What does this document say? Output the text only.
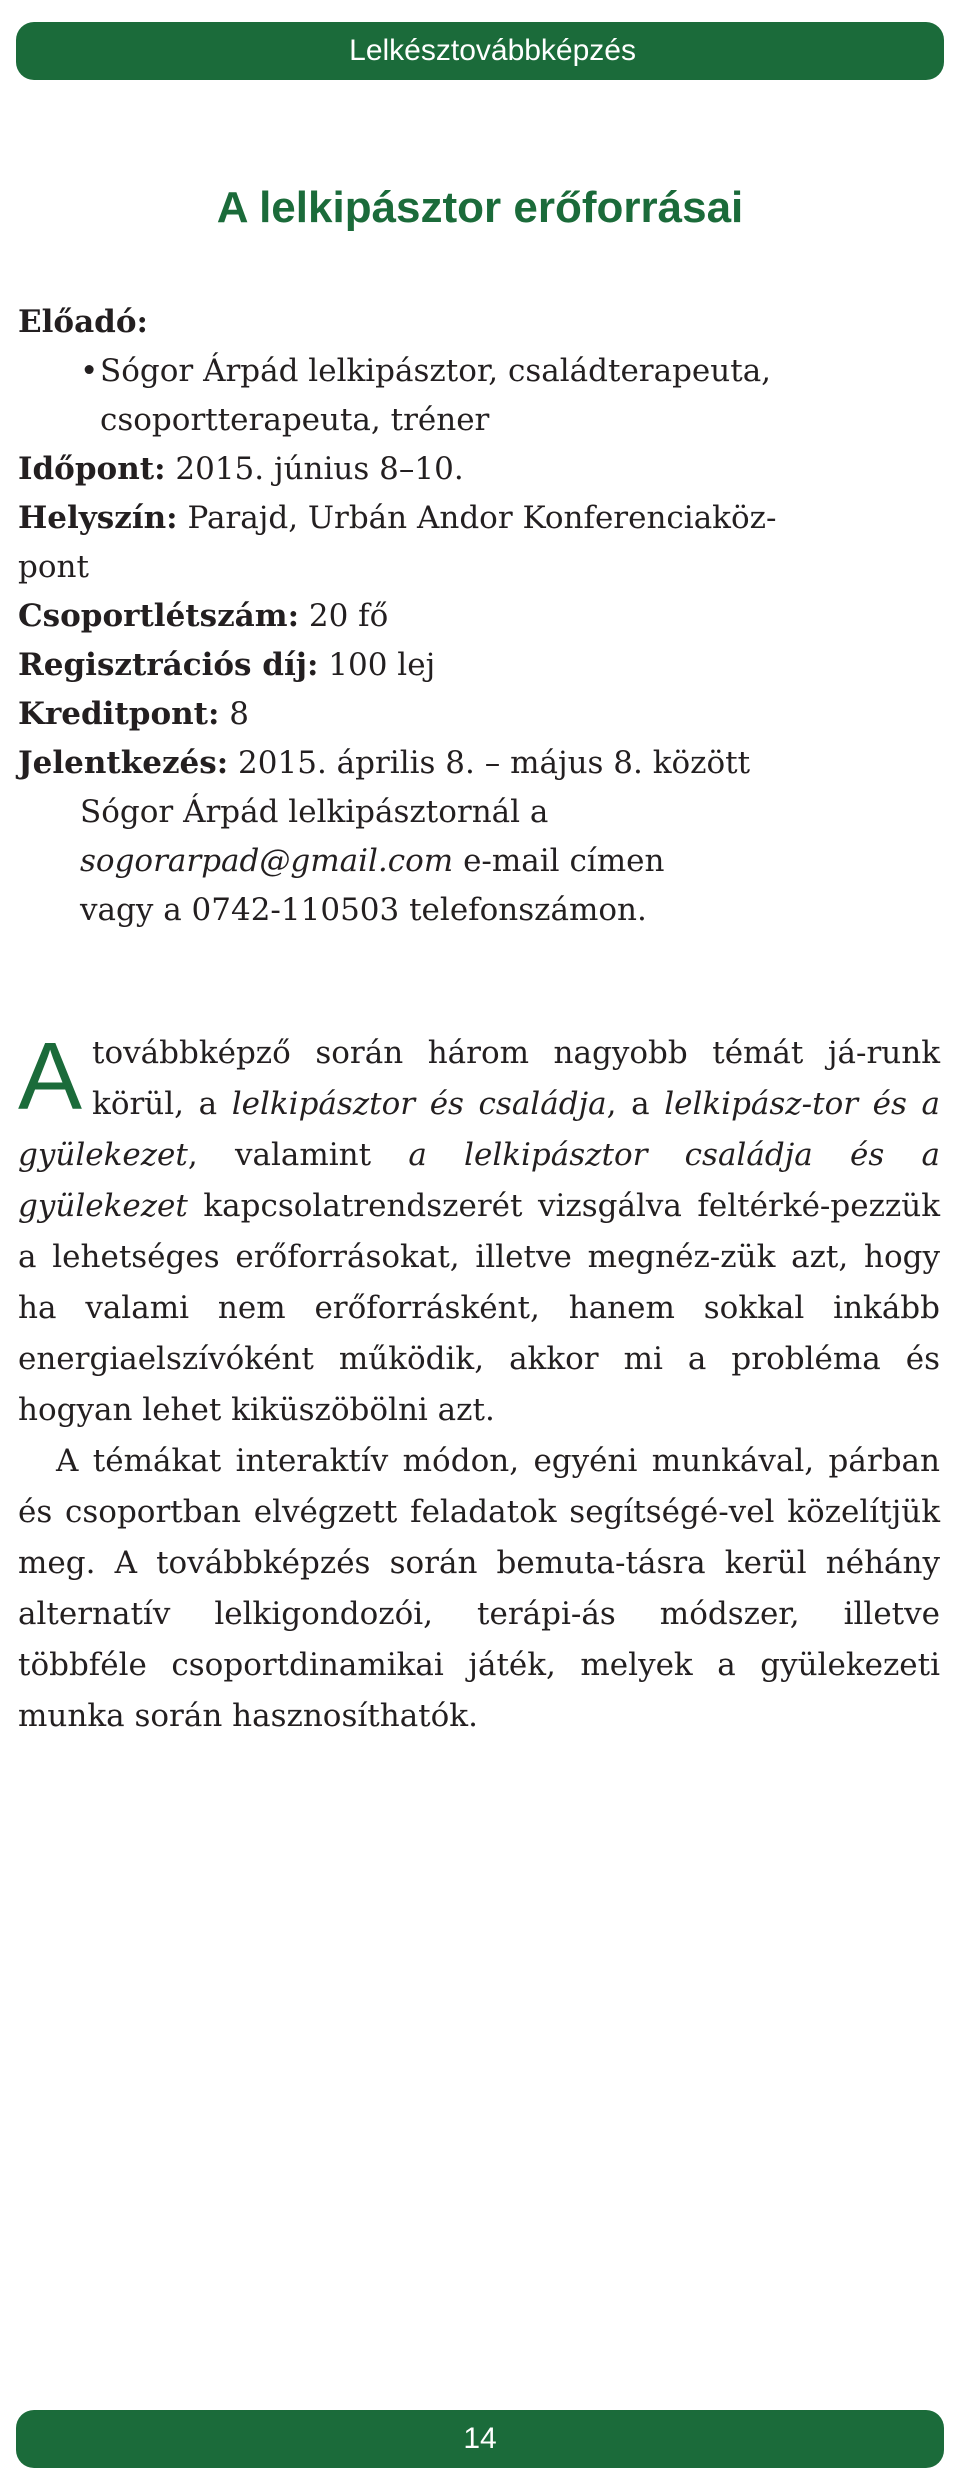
Lelkésztovábbképzés
A lelkipásztor erőforrásai
Előadó:
• Sógor Árpád lelkipásztor, családterapeuta,
csoportterapeuta, tréner
Időpont: 2015. június 8–10.
Helyszín: Parajd, Urbán Andor Konferenciaköz-
pont
Csoportlétszám: 20 fő
Regisztrációs díj: 100 lej
Kreditpont: 8
Jelentkezés: 2015. április 8. – május 8. között
Sógor Árpád lelkipásztornál a
sogorarpad@gmail.com e-mail címen
vagy a 0742-110503 telefonszámon.

Atovábbképző során három nagyobb témát já-runk körül, a lelkipásztor és családja, a lelkipász-tor és a gyülekezet, valamint a lelkipásztor családja és a gyülekezet kapcsolatrendszerét vizsgálva feltérké-pezzük a lehetséges erőforrásokat, illetve megnéz-zük azt, hogy ha valami nem erőforrásként, hanem sokkal inkább energiaelszívóként működik, akkor mi a probléma és hogyan lehet kiküszöbölni azt.

A témákat interaktív módon, egyéni munkával, párban és csoportban elvégzett feladatok segítségé-vel közelítjük meg. A továbbképzés során bemuta-tásra kerül néhány alternatív lelkigondozói, terápi-ás módszer, illetve többféle csoportdinamikai játék, melyek a gyülekezeti munka során hasznosíthatók.

14
